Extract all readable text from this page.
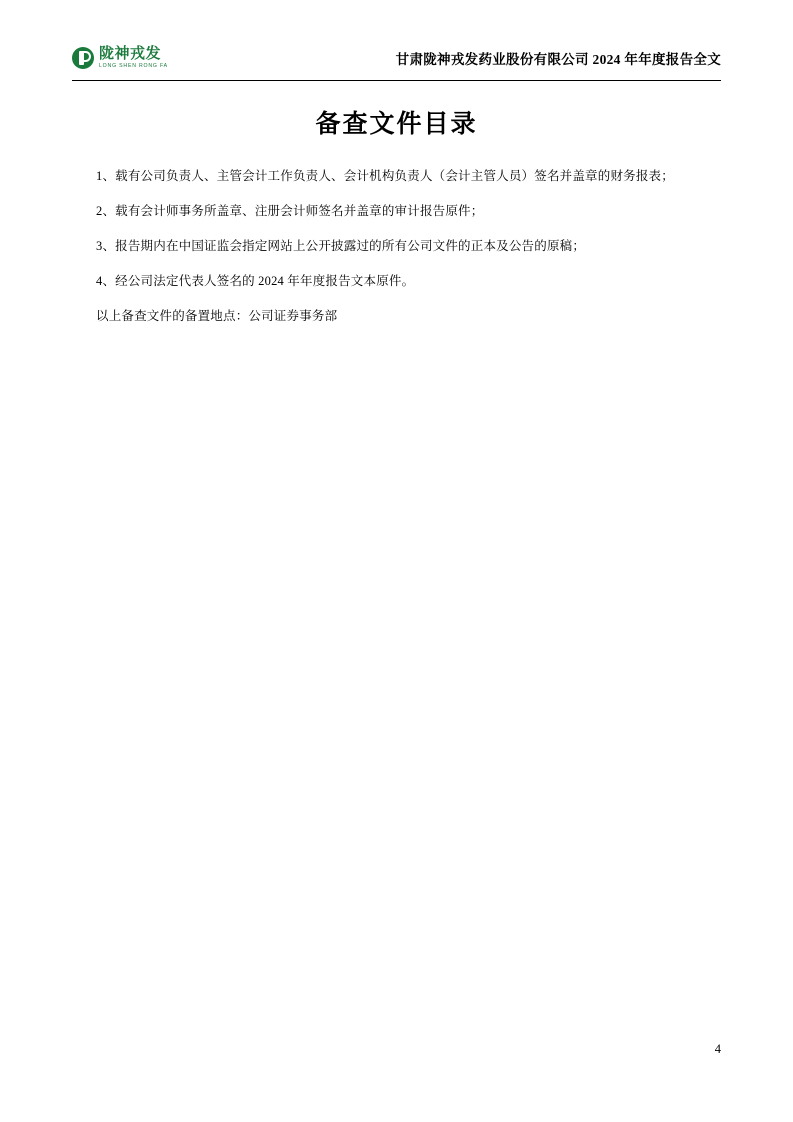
陇神戎发
LONG SHEN RONG FA	甘肃陇神戎发药业股份有限公司 2024 年年度报告全文
备查文件目录

1、载有公司负责人、主管会计工作负责人、会计机构负责人（会计主管人员）签名并盖章的财务报表；

2、载有会计师事务所盖章、注册会计师签名并盖章的审计报告原件；

3、报告期内在中国证监会指定网站上公开披露过的所有公司文件的正本及公告的原稿；

4、经公司法定代表人签名的 2024 年年度报告文本原件。

以上备查文件的备置地点：公司证券事务部

4
